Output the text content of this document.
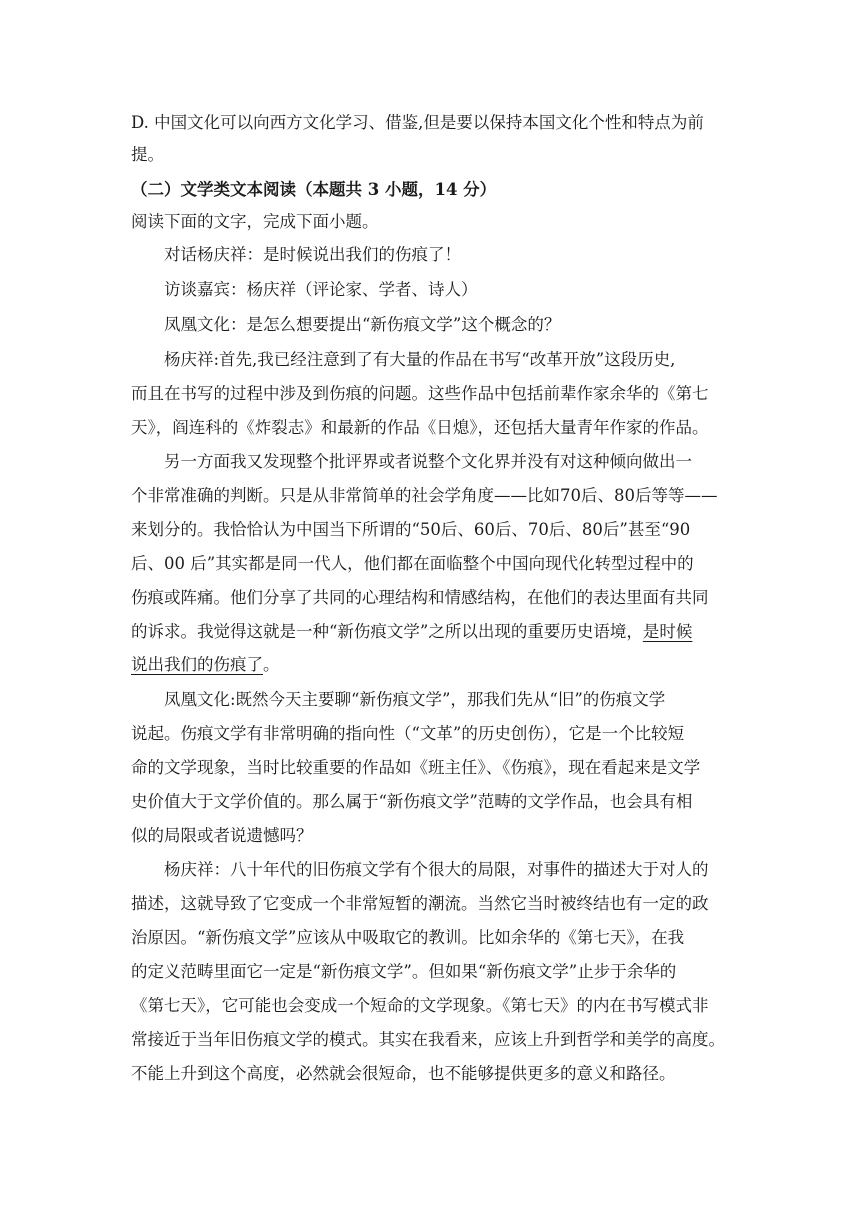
D. 中国文化可以向西方文化学习、借鉴,但是要以保持本国文化个性和特点为前

提。

（二）文学类文本阅读（本题共 3 小题，14 分）

阅读下面的文字，完成下面小题。

对话杨庆祥：是时候说出我们的伤痕了！

访谈嘉宾：杨庆祥（评论家、学者、诗人）

凤凰文化：是怎么想要提出“新伤痕文学”这个概念的？

杨庆祥:首先,我已经注意到了有大量的作品在书写“改革开放”这段历史,

而且在书写的过程中涉及到伤痕的问题。这些作品中包括前辈作家余华的《第七

天》，阎连科的《炸裂志》和最新的作品《日熄》，还包括大量青年作家的作品。

另一方面我又发现整个批评界或者说整个文化界并没有对这种倾向做出一

个非常准确的判断。只是从非常简单的社会学角度——比如70后、80后等等——

来划分的。我恰恰认为中国当下所谓的“50后、60后、70后、80后”甚至“90

后、00 后”其实都是同一代人，他们都在面临整个中国向现代化转型过程中的

伤痕或阵痛。他们分享了共同的心理结构和情感结构，在他们的表达里面有共同

的诉求。我觉得这就是一种“新伤痕文学”之所以出现的重要历史语境，是时候

说出我们的伤痕了。

凤凰文化:既然今天主要聊“新伤痕文学”，那我们先从“旧”的伤痕文学

说起。伤痕文学有非常明确的指向性（“文革”的历史创伤），它是一个比较短

命的文学现象，当时比较重要的作品如《班主任》、《伤痕》，现在看起来是文学

史价值大于文学价值的。那么属于“新伤痕文学”范畴的文学作品，也会具有相

似的局限或者说遗憾吗？

杨庆祥：八十年代的旧伤痕文学有个很大的局限，对事件的描述大于对人的

描述，这就导致了它变成一个非常短暂的潮流。当然它当时被终结也有一定的政

治原因。“新伤痕文学”应该从中吸取它的教训。比如余华的《第七天》，在我

的定义范畴里面它一定是“新伤痕文学”。但如果“新伤痕文学”止步于余华的

《第七天》，它可能也会变成一个短命的文学现象。《第七天》的内在书写模式非

常接近于当年旧伤痕文学的模式。其实在我看来，应该上升到哲学和美学的高度。

不能上升到这个高度，必然就会很短命，也不能够提供更多的意义和路径。
